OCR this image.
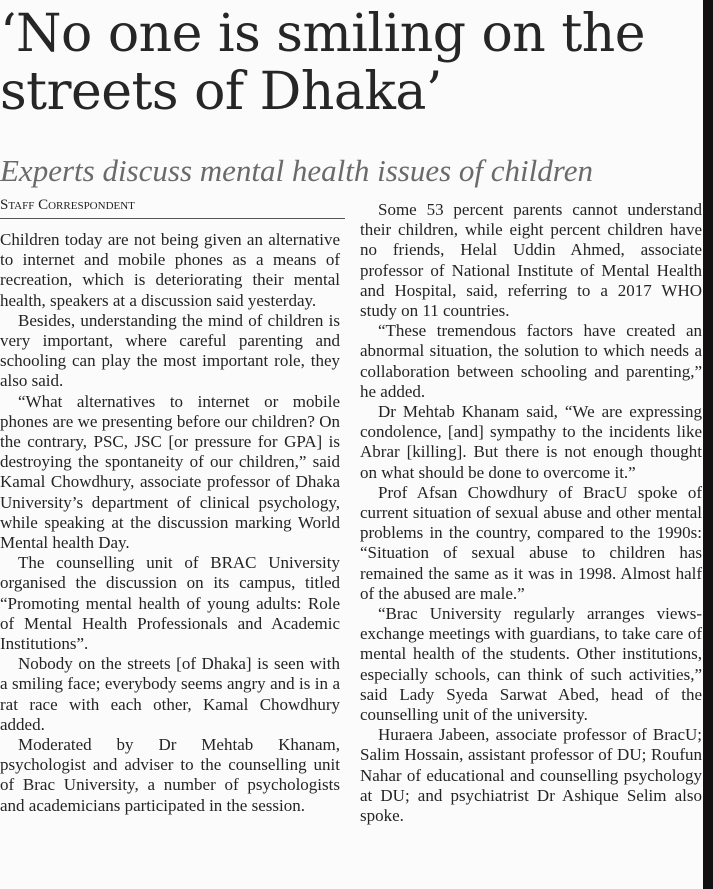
‘No one is smiling on the streets of Dhaka’
Experts discuss mental health issues of children
Staff Correspondent

Children today are not being given an alternative to internet and mobile phones as a means of recreation, which is deteriorating their mental health, speakers at a discussion said yesterday.

Besides, understanding the mind of children is very important, where careful parenting and schooling can play the most important role, they also said.

“What alternatives to internet or mobile phones are we presenting before our children? On the contrary, PSC, JSC [or pressure for GPA] is destroying the spontaneity of our children,” said Kamal Chowdhury, associate professor of Dhaka University’s department of clinical psychology, while speaking at the discussion marking World Mental health Day.

The counselling unit of BRAC University organised the discussion on its campus, titled “Promoting mental health of young adults: Role of Mental Health Professionals and Academic Institutions”.

Nobody on the streets [of Dhaka] is seen with a smiling face; everybody seems angry and is in a rat race with each other, Kamal Chowdhury added.

Moderated by Dr Mehtab Khanam, psychologist and adviser to the counselling unit of Brac University, a number of psychologists and academicians participated in the session.

Some 53 percent parents cannot understand their children, while eight percent children have no friends, Helal Uddin Ahmed, associate professor of National Institute of Mental Health and Hospital, said, referring to a 2017 WHO study on 11 countries.

“These tremendous factors have created an abnormal situation, the solution to which needs a collaboration between schooling and parenting,” he added.

Dr Mehtab Khanam said, “We are expressing condolence, [and] sympathy to the incidents like Abrar [killing]. But there is not enough thought on what should be done to overcome it.”

Prof Afsan Chowdhury of BracU spoke of current situation of sexual abuse and other mental problems in the country, compared to the 1990s: “Situation of sexual abuse to children has remained the same as it was in 1998. Almost half of the abused are male.”

“Brac University regularly arranges views-exchange meetings with guardians, to take care of mental health of the students. Other institutions, especially schools, can think of such activities,” said Lady Syeda Sarwat Abed, head of the counselling unit of the university.

Huraera Jabeen, associate professor of BracU; Salim Hossain, assistant professor of DU; Roufun Nahar of educational and counselling psychology at DU; and psychiatrist Dr Ashique Selim also spoke.
